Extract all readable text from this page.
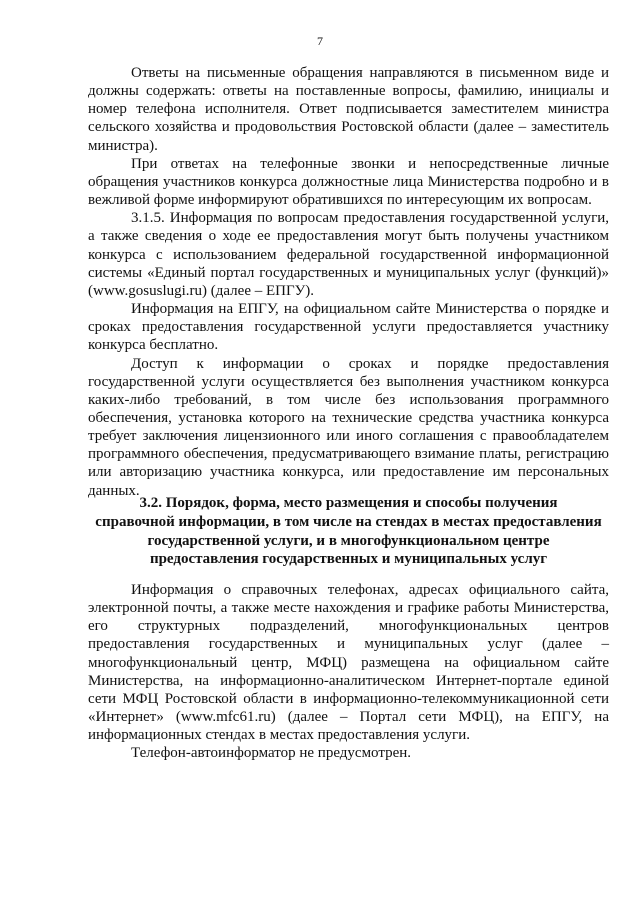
7

Ответы на письменные обращения направляются в письменном виде и должны содержать: ответы на поставленные вопросы, фамилию, инициалы и номер телефона исполнителя. Ответ подписывается заместителем министра сельского хозяйства и продовольствия Ростовской области (далее – заместитель министра).

При ответах на телефонные звонки и непосредственные личные обращения участников конкурса должностные лица Министерства подробно и в вежливой форме информируют обратившихся по интересующим их вопросам.

3.1.5. Информация по вопросам предоставления государственной услуги, а также сведения о ходе ее предоставления могут быть получены участником конкурса с использованием федеральной государственной информационной системы «Единый портал государственных и муниципальных услуг (функций)» (www.gosuslugi.ru) (далее – ЕПГУ).

Информация на ЕПГУ, на официальном сайте Министерства о порядке и сроках предоставления государственной услуги предоставляется участнику конкурса бесплатно.

Доступ к информации о сроках и порядке предоставления государственной услуги осуществляется без выполнения участником конкурса каких-либо требований, в том числе без использования программного обеспечения, установка которого на технические средства участника конкурса требует заключения лицензионного или иного соглашения с правообладателем программного обеспечения, предусматривающего взимание платы, регистрацию или авторизацию участника конкурса, или предоставление им персональных данных.

3.2. Порядок, форма, место размещения и способы получения
справочной информации, в том числе на стендах в местах предоставления
государственной услуги, и в многофункциональном центре
предоставления государственных и муниципальных услуг

Информация о справочных телефонах, адресах официального сайта, электронной почты, а также месте нахождения и графике работы Министерства, его структурных подразделений, многофункциональных центров предоставления государственных и муниципальных услуг (далее – многофункциональный центр, МФЦ) размещена на официальном сайте Министерства, на информационно-аналитическом Интернет-портале единой сети МФЦ Ростовской области в информационно-телекоммуникационной сети «Интернет» (www.mfc61.ru) (далее – Портал сети МФЦ), на ЕПГУ, на информационных стендах в местах предоставления услуги.

Телефон-автоинформатор не предусмотрен.
